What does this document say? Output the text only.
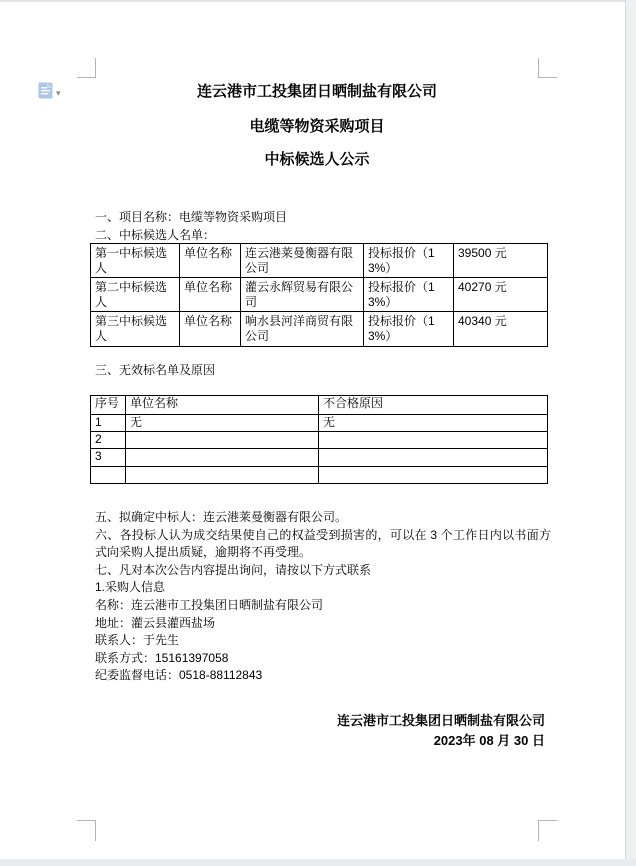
▾	连云港市工投集团日晒制盐有限公司
电缆等物资采购项目
中标候选人公示
一、项目名称：电缆等物资采购项目
二、中标候选人名单：
第一中标候选人	单位名称	连云港莱曼衡器有限公司	投标报价（13%）	39500 元
第二中标候选人	单位名称	灌云永辉贸易有限公司	投标报价（13%）	40270 元
第三中标候选人	单位名称	响水县河洋商贸有限公司	投标报价（13%）	40340 元
三、无效标名单及原因
序号	单位名称	不合格原因
1	无	无
2		
3		

五、拟确定中标人：连云港莱曼衡器有限公司。
六、各投标人认为成交结果使自己的权益受到损害的，可以在 3 个工作日内以书面方式向采购人提出质疑，逾期将不再受理。
七、凡对本次公告内容提出询问，请按以下方式联系
1.采购人信息
名称：连云港市工投集团日晒制盐有限公司
地址：灌云县灌西盐场
联系人：于先生
联系方式：15161397058
纪委监督电话：0518-88112843
连云港市工投集团日晒制盐有限公司
2023年 08 月 30 日
